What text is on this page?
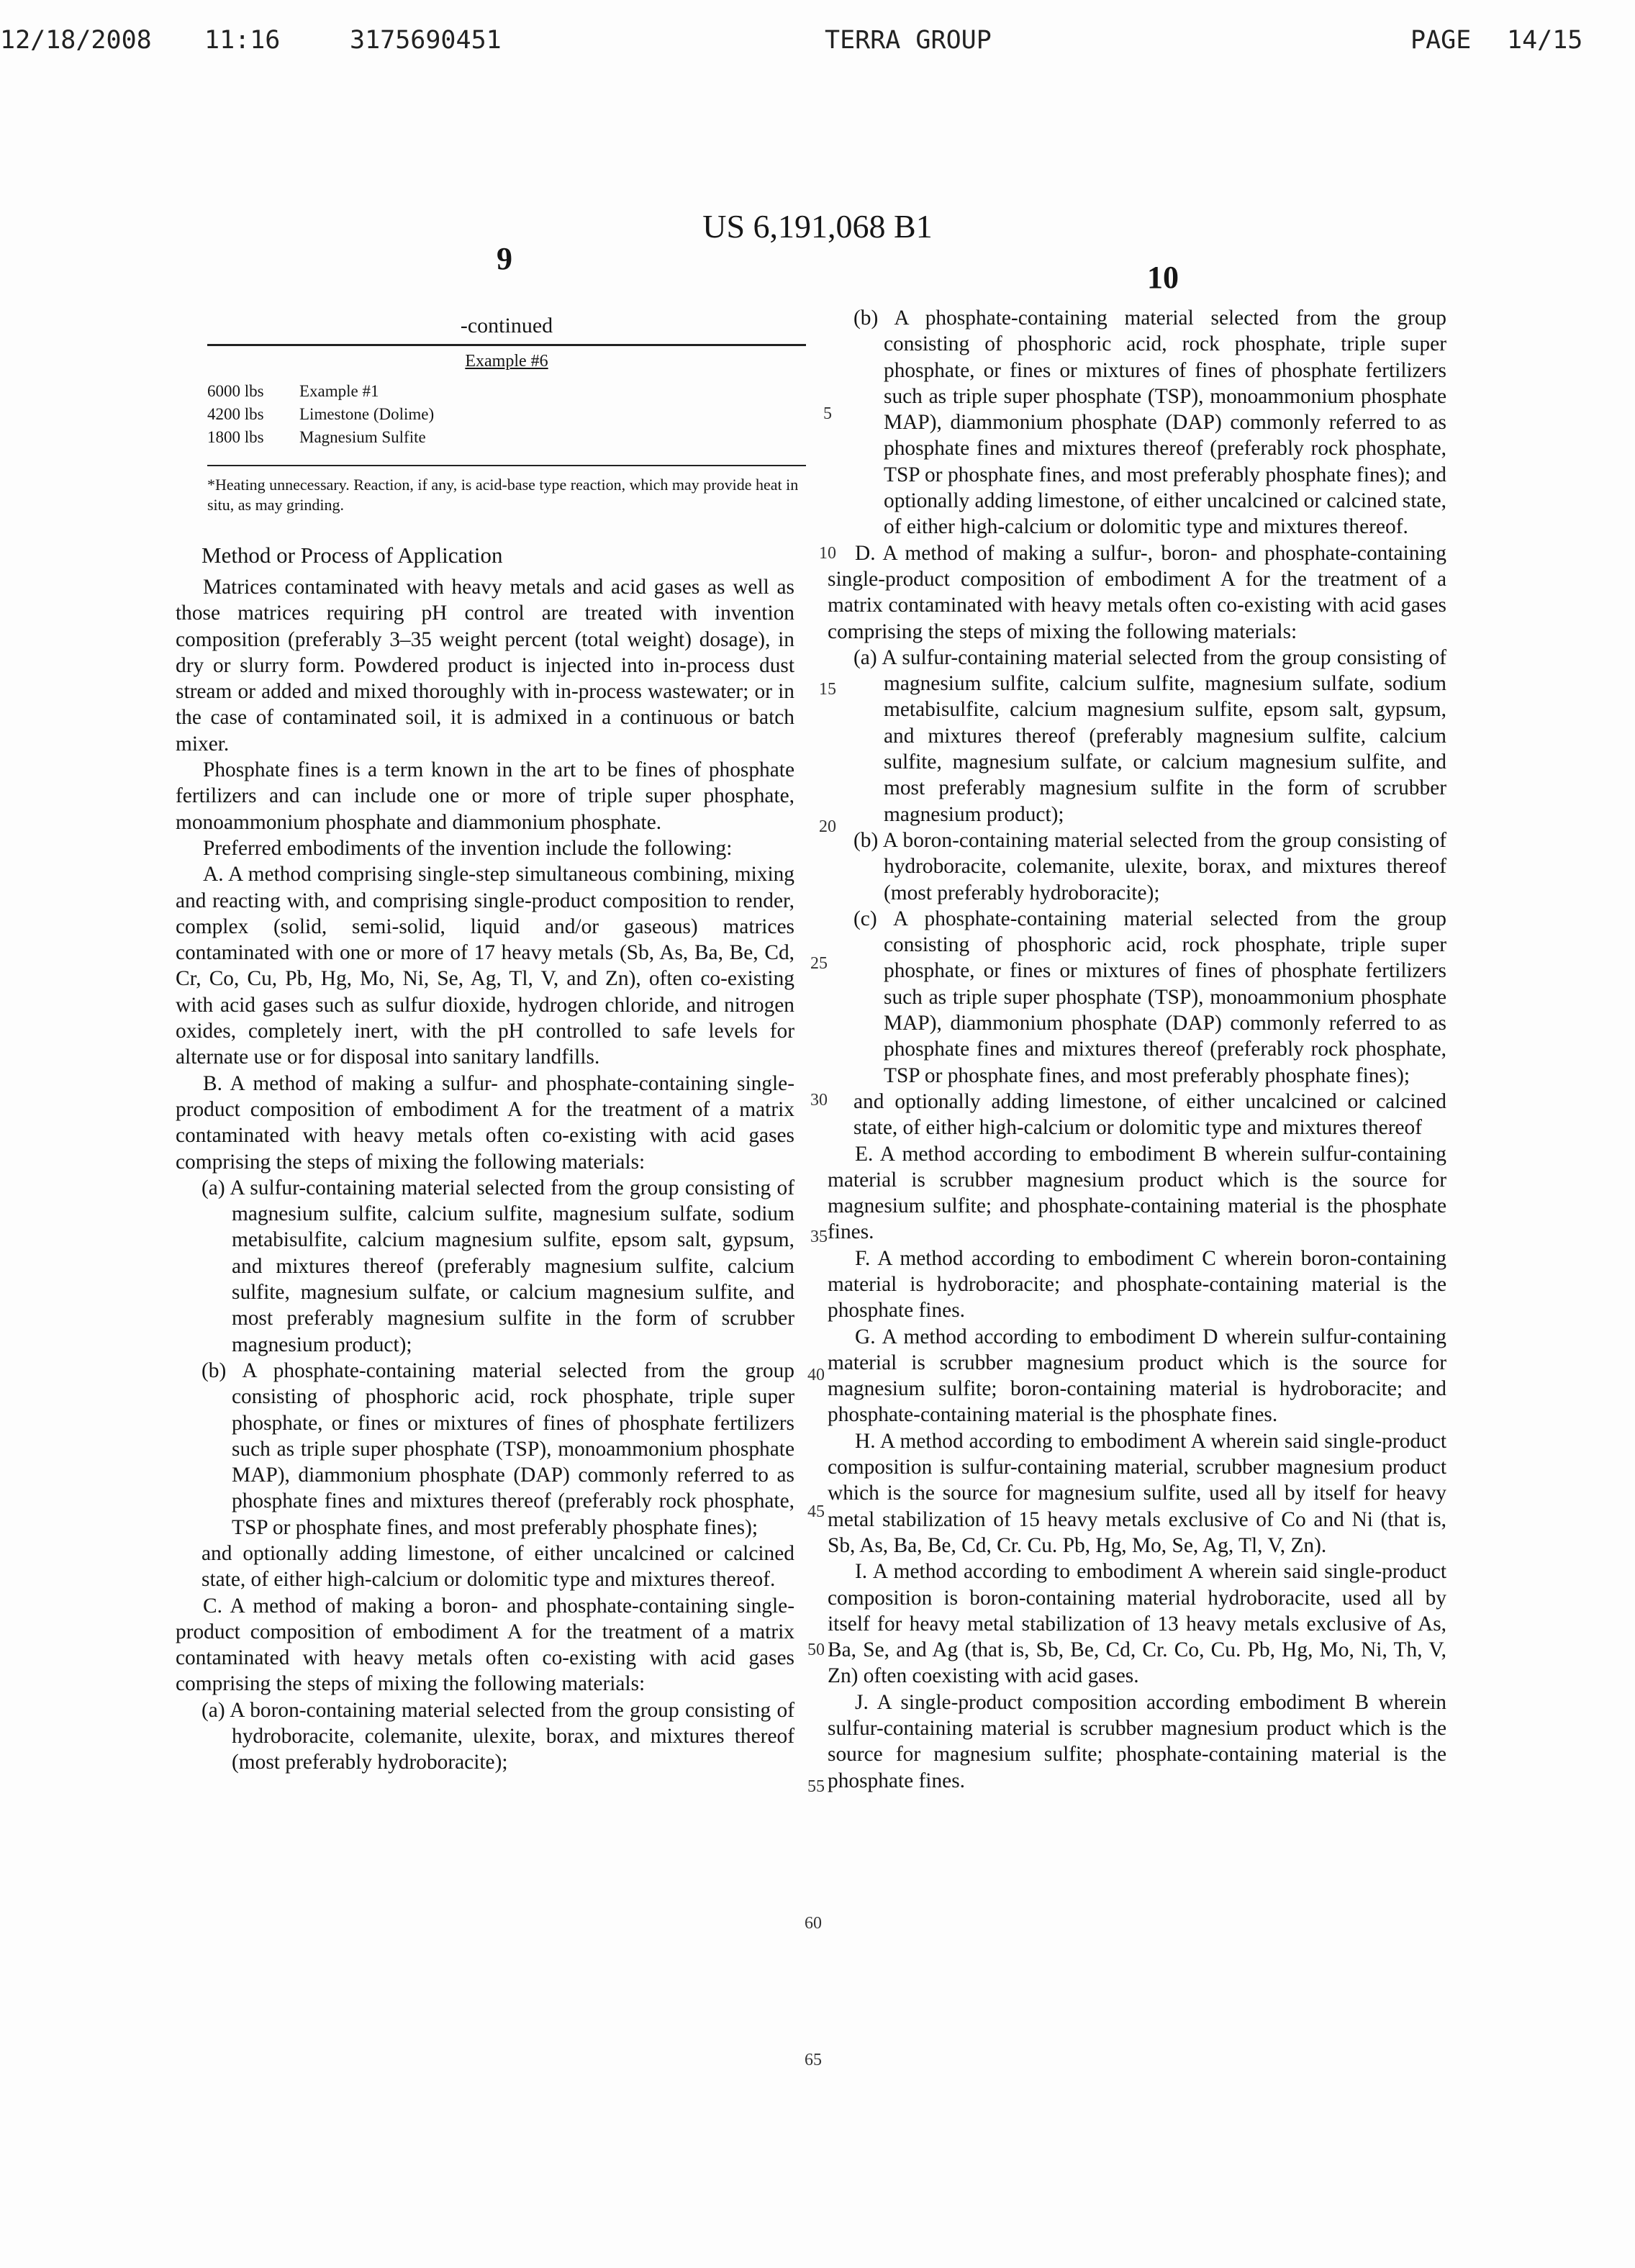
12/18/2008 11:16	3175690451	TERRA GROUP	PAGE 14/15
US 6,191,068 B1
9
10
-continued
Example #6
6000 lbs	Example #1
4200 lbs	Limestone (Dolime)
1800 lbs	Magnesium Sulfite
*Heating unnecessary. Reaction, if any, is acid-base type reaction, which may provide heat in situ, as may grinding.
Method or Process of Application

Matrices contaminated with heavy metals and acid gases as well as those matrices requiring pH control are treated with invention composition (preferably 3–35 weight percent (total weight) dosage), in dry or slurry form. Powdered product is injected into in-process dust stream or added and mixed thoroughly with in-process wastewater; or in the case of contaminated soil, it is admixed in a continuous or batch mixer.

Phosphate fines is a term known in the art to be fines of phosphate fertilizers and can include one or more of triple super phosphate, monoammonium phosphate and diammonium phosphate.

Preferred embodiments of the invention include the following:

A. A method comprising single-step simultaneous combining, mixing and reacting with, and comprising single-product composition to render, complex (solid, semi-solid, liquid and/or gaseous) matrices contaminated with one or more of 17 heavy metals (Sb, As, Ba, Be, Cd, Cr, Co, Cu, Pb, Hg, Mo, Ni, Se, Ag, Tl, V, and Zn), often co-existing with acid gases such as sulfur dioxide, hydrogen chloride, and nitrogen oxides, completely inert, with the pH controlled to safe levels for alternate use or for disposal into sanitary landfills.

B. A method of making a sulfur- and phosphate-containing single-product composition of embodiment A for the treatment of a matrix contaminated with heavy metals often co-existing with acid gases comprising the steps of mixing the following materials:

(a) A sulfur-containing material selected from the group consisting of magnesium sulfite, calcium sulfite, magnesium sulfate, sodium metabisulfite, calcium magnesium sulfite, epsom salt, gypsum, and mixtures thereof (preferably magnesium sulfite, calcium sulfite, magnesium sulfate, or calcium magnesium sulfite, and most preferably magnesium sulfite in the form of scrubber magnesium product);

(b) A phosphate-containing material selected from the group consisting of phosphoric acid, rock phosphate, triple super phosphate, or fines or mixtures of fines of phosphate fertilizers such as triple super phosphate (TSP), monoammonium phosphate MAP), diammonium phosphate (DAP) commonly referred to as phosphate fines and mixtures thereof (preferably rock phosphate, TSP or phosphate fines, and most preferably phosphate fines);

and optionally adding limestone, of either uncalcined or calcined state, of either high-calcium or dolomitic type and mixtures thereof.

C. A method of making a boron- and phosphate-containing single-product composition of embodiment A for the treatment of a matrix contaminated with heavy metals often co-existing with acid gases comprising the steps of mixing the following materials:

(a) A boron-containing material selected from the group consisting of hydroboracite, colemanite, ulexite, borax, and mixtures thereof (most preferably hydroboracite);

(b) A phosphate-containing material selected from the group consisting of phosphoric acid, rock phosphate, triple super phosphate, or fines or mixtures of fines of phosphate fertilizers such as triple super phosphate (TSP), monoammonium phosphate MAP), diammonium phosphate (DAP) commonly referred to as phosphate fines and mixtures thereof (preferably rock phosphate, TSP or phosphate fines, and most preferably phosphate fines); and optionally adding limestone, of either uncalcined or calcined state, of either high-calcium or dolomitic type and mixtures thereof.

D. A method of making a sulfur-, boron- and phosphate-containing single-product composition of embodiment A for the treatment of a matrix contaminated with heavy metals often co-existing with acid gases comprising the steps of mixing the following materials:

(a) A sulfur-containing material selected from the group consisting of magnesium sulfite, calcium sulfite, magnesium sulfate, sodium metabisulfite, calcium magnesium sulfite, epsom salt, gypsum, and mixtures thereof (preferably magnesium sulfite, calcium sulfite, magnesium sulfate, or calcium magnesium sulfite, and most preferably magnesium sulfite in the form of scrubber magnesium product);

(b) A boron-containing material selected from the group consisting of hydroboracite, colemanite, ulexite, borax, and mixtures thereof (most preferably hydroboracite);

(c) A phosphate-containing material selected from the group consisting of phosphoric acid, rock phosphate, triple super phosphate, or fines or mixtures of fines of phosphate fertilizers such as triple super phosphate (TSP), monoammonium phosphate MAP), diammonium phosphate (DAP) commonly referred to as phosphate fines and mixtures thereof (preferably rock phosphate, TSP or phosphate fines, and most preferably phosphate fines);

and optionally adding limestone, of either uncalcined or calcined state, of either high-calcium or dolomitic type and mixtures thereof

E. A method according to embodiment B wherein sulfur-containing material is scrubber magnesium product which is the source for magnesium sulfite; and phosphate-containing material is the phosphate fines.

F. A method according to embodiment C wherein boron-containing material is hydroboracite; and phosphate-containing material is the phosphate fines.

G. A method according to embodiment D wherein sulfur-containing material is scrubber magnesium product which is the source for magnesium sulfite; boron-containing material is hydroboracite; and phosphate-containing material is the phosphate fines.

H. A method according to embodiment A wherein said single-product composition is sulfur-containing material, scrubber magnesium product which is the source for magnesium sulfite, used all by itself for heavy metal stabilization of 15 heavy metals exclusive of Co and Ni (that is, Sb, As, Ba, Be, Cd, Cr. Cu. Pb, Hg, Mo, Se, Ag, Tl, V, Zn).

I. A method according to embodiment A wherein said single-product composition is boron-containing material hydroboracite, used all by itself for heavy metal stabilization of 13 heavy metals exclusive of As, Ba, Se, and Ag (that is, Sb, Be, Cd, Cr. Co, Cu. Pb, Hg, Mo, Ni, Th, V, Zn) often coexisting with acid gases.

J. A single-product composition according embodiment B wherein sulfur-containing material is scrubber magnesium product which is the source for magnesium sulfite; phosphate-containing material is the phosphate fines.

5
10
15
20
25
30
35
40
45
50
55
60
65
